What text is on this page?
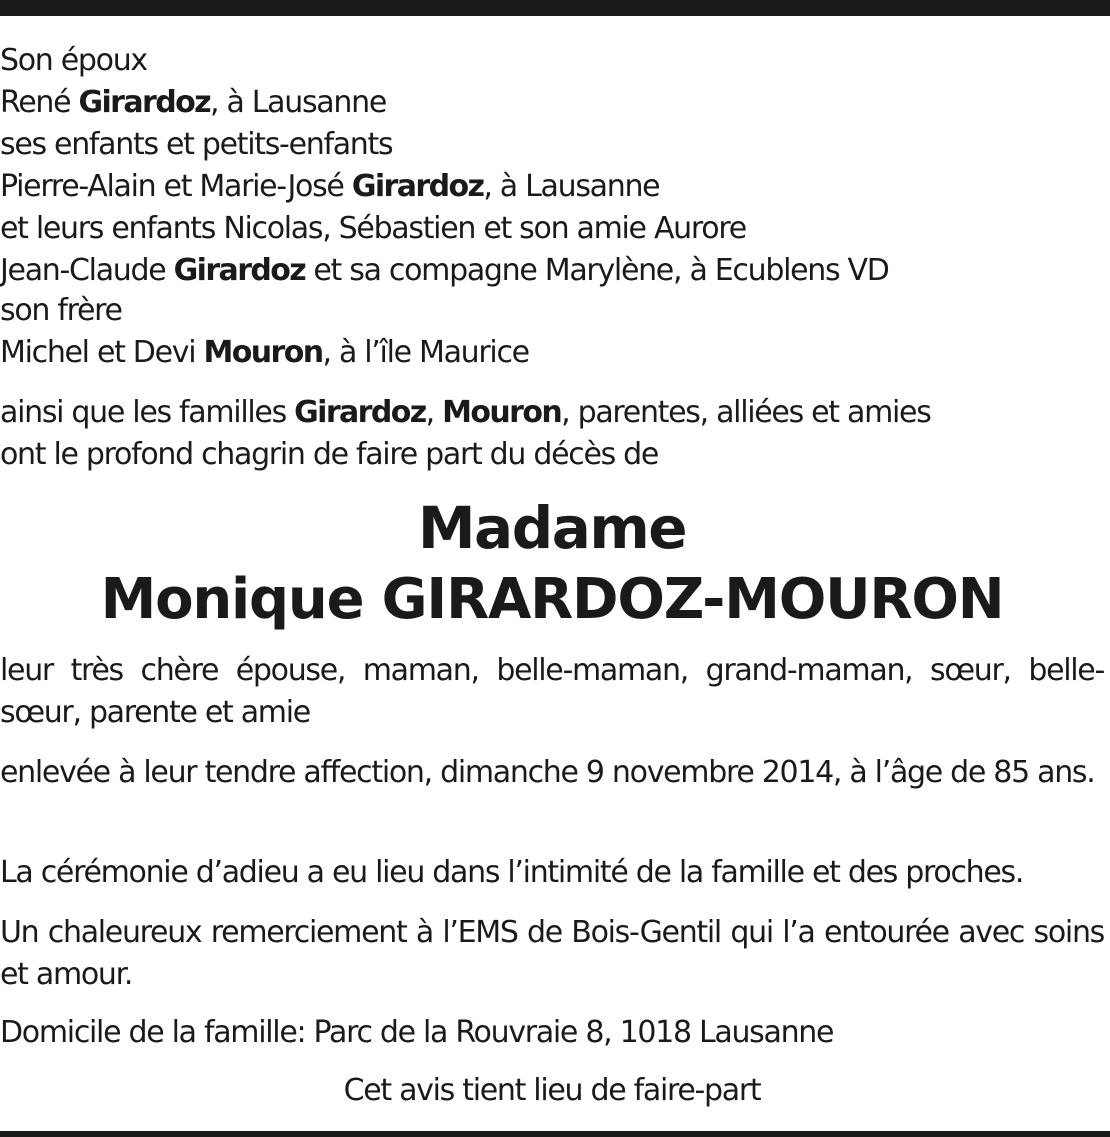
Son époux
René Girardoz, à Lausanne
ses enfants et petits-enfants
Pierre-Alain et Marie-José Girardoz, à Lausanne
et leurs enfants Nicolas, Sébastien et son amie Aurore
Jean-Claude Girardoz et sa compagne Marylène, à Ecublens VD
son frère
Michel et Devi Mouron, à l’île Maurice
ainsi que les familles Girardoz, Mouron, parentes, alliées et amies
ont le profond chagrin de faire part du décès de
Madame
Monique GIRARDOZ-MOURON
leur très chère épouse, maman, belle-maman, grand-maman, sœur, belle-sœur, parente et amie
enlevée à leur tendre affection, dimanche 9 novembre 2014, à l’âge de 85 ans.
La cérémonie d’adieu a eu lieu dans l’intimité de la famille et des proches.
Un chaleureux remerciement à l’EMS de Bois-Gentil qui l’a entourée avec soins et amour.
Domicile de la famille: Parc de la Rouvraie 8, 1018 Lausanne
Cet avis tient lieu de faire-part
